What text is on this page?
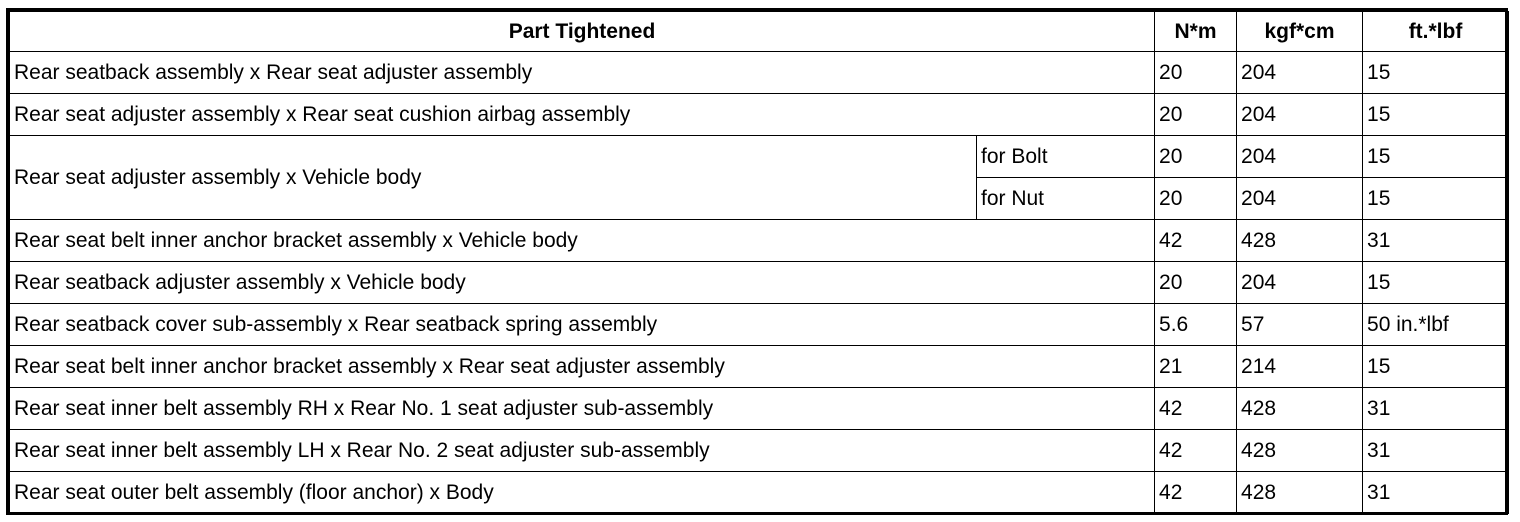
Part Tightened		N*m	kgf*cm	ft.*lbf
Rear seatback assembly x Rear seat adjuster assembly		20	204	15
Rear seat adjuster assembly x Rear seat cushion airbag assembly		20	204	15
Rear seat adjuster assembly x Vehicle body	for Bolt	20	204	15
	for Nut	20	204	15
Rear seat belt inner anchor bracket assembly x Vehicle body		42	428	31
Rear seatback adjuster assembly x Vehicle body		20	204	15
Rear seatback cover sub-assembly x Rear seatback spring assembly		5.6	57	50 in.*lbf
Rear seat belt inner anchor bracket assembly x Rear seat adjuster assembly		21	214	15
Rear seat inner belt assembly RH x Rear No. 1 seat adjuster sub-assembly		42	428	31
Rear seat inner belt assembly LH x Rear No. 2 seat adjuster sub-assembly		42	428	31
Rear seat outer belt assembly (floor anchor) x Body		42	428	31
